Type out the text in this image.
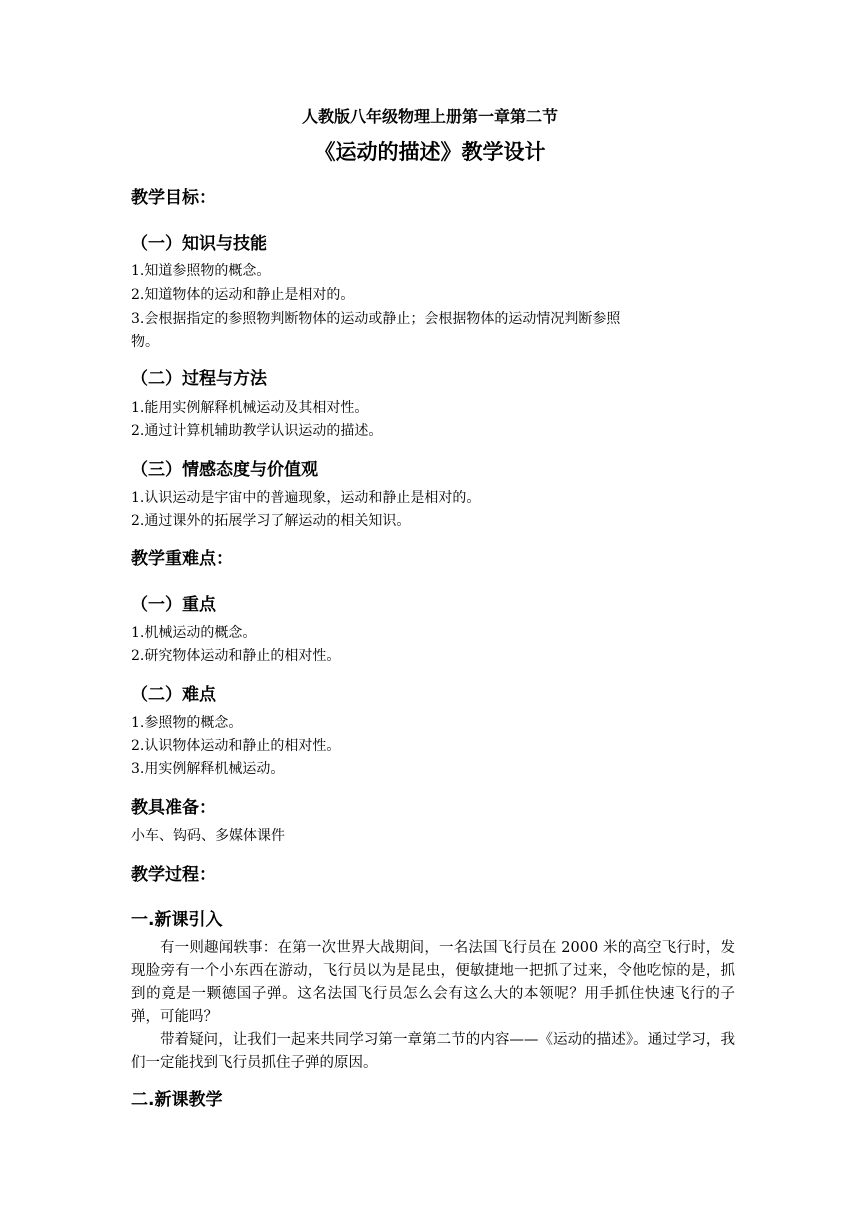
人教版八年级物理上册第一章第二节
《运动的描述》教学设计
教学目标：
（一）知识与技能
1.知道参照物的概念。
2.知道物体的运动和静止是相对的。
3.会根据指定的参照物判断物体的运动或静止；会根据物体的运动情况判断参照
物。
（二）过程与方法
1.能用实例解释机械运动及其相对性。
2.通过计算机辅助教学认识运动的描述。
（三）情感态度与价值观
1.认识运动是宇宙中的普遍现象，运动和静止是相对的。
2.通过课外的拓展学习了解运动的相关知识。
教学重难点：
（一）重点
1.机械运动的概念。
2.研究物体运动和静止的相对性。
（二）难点
1.参照物的概念。
2.认识物体运动和静止的相对性。
3.用实例解释机械运动。
教具准备：
小车、钩码、多媒体课件
教学过程：
一.新课引入
有一则趣闻轶事：在第一次世界大战期间，一名法国飞行员在 2000 米的高空飞行时，发现脸旁有一个小东西在游动，飞行员以为是昆虫，便敏捷地一把抓了过来，令他吃惊的是，抓到的竟是一颗德国子弹。这名法国飞行员怎么会有这么大的本领呢？用手抓住快速飞行的子弹，可能吗？
带着疑问，让我们一起来共同学习第一章第二节的内容——《运动的描述》。通过学习，我们一定能找到飞行员抓住子弹的原因。
二.新课教学
